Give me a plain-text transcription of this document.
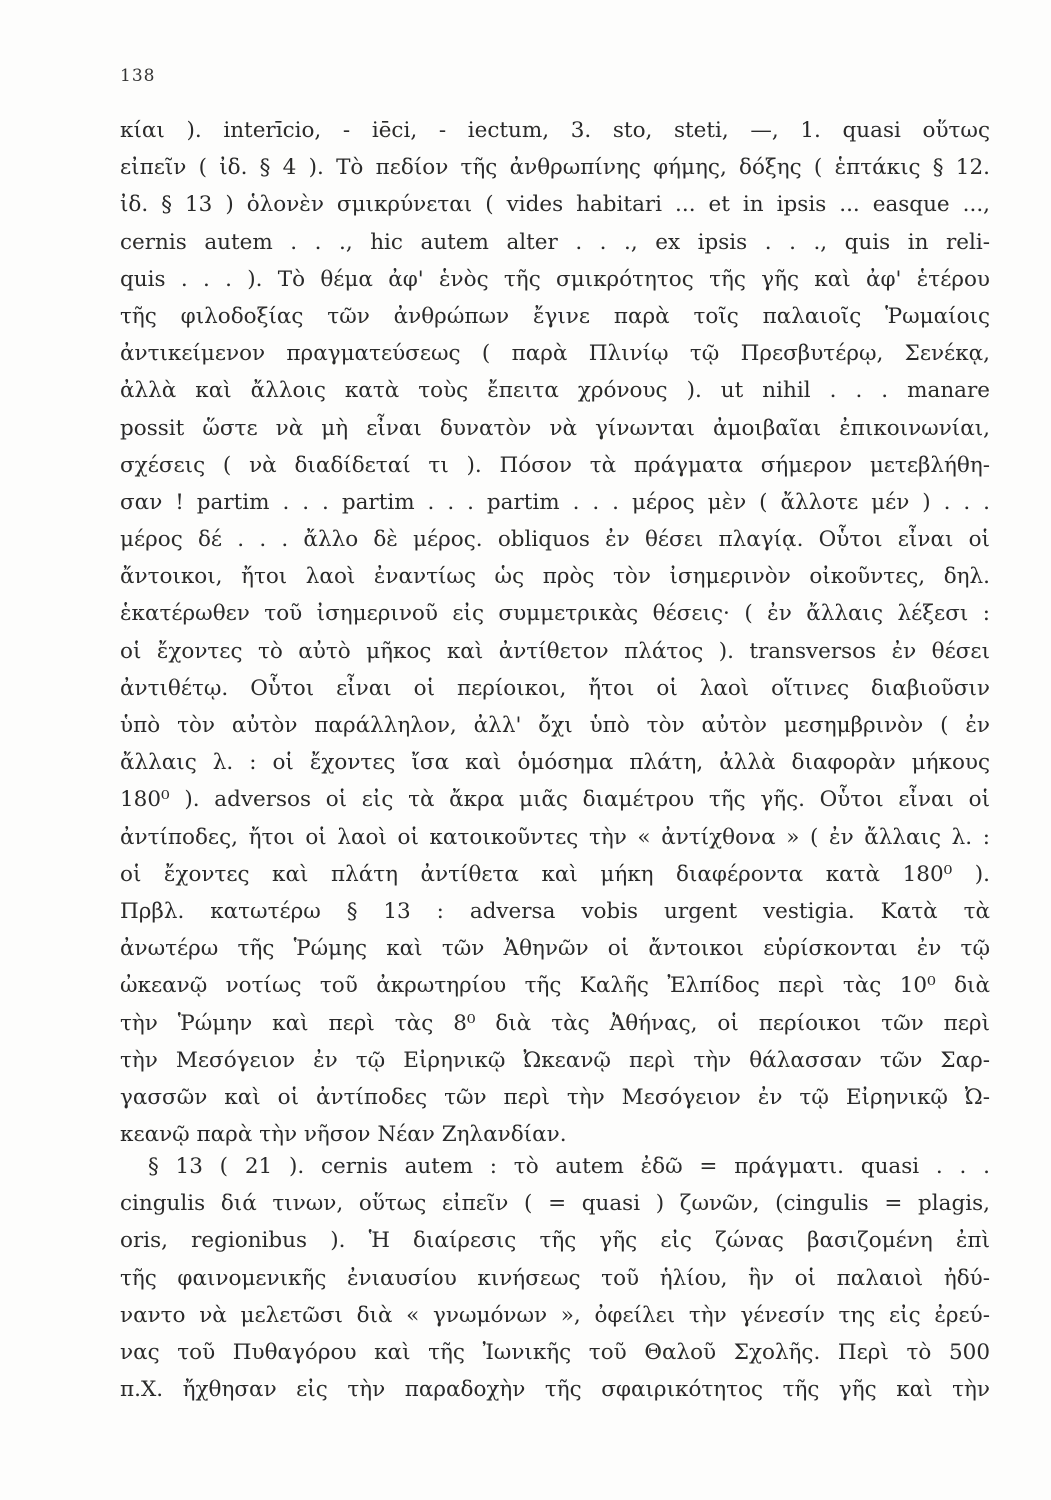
138
κίαι ). interīcio, - iēci, - iectum, 3. sto, steti, —, 1. quasi οὕτως
εἰπεῖν ( ἰδ. § 4 ). Τὸ πεδίον τῆς ἀνθρωπίνης φήμης, δόξης ( ἑπτάκις § 12.
ἰδ. § 13 ) ὁλονὲν σμικρύνεται ( vides habitari ... et in ipsis ... easque ...,
cernis autem . . ., hic autem alter . . ., ex ipsis . . ., quis in reli-
quis . . . ). Τὸ θέμα ἀφ' ἑνὸς τῆς σμικρότητος τῆς γῆς καὶ ἀφ' ἑτέρου
τῆς φιλοδοξίας τῶν ἀνθρώπων ἔγινε παρὰ τοῖς παλαιοῖς Ῥωμαίοις
ἀντικείμενον πραγματεύσεως ( παρὰ Πλινίῳ τῷ Πρεσβυτέρῳ, Σενέκᾳ,
ἀλλὰ καὶ ἄλλοις κατὰ τοὺς ἔπειτα χρόνους ). ut nihil . . . manare
possit ὥστε νὰ μὴ εἶναι δυνατὸν νὰ γίνωνται ἀμοιβαῖαι ἐπικοινωνίαι,
σχέσεις ( νὰ διαδίδεταί τι ). Πόσον τὰ πράγματα σήμερον μετεβλήθη-
σαν ! partim . . . partim . . . partim . . . μέρος μὲν ( ἄλλοτε μέν ) . . .
μέρος δέ . . . ἄλλο δὲ μέρος. obliquos ἐν θέσει πλαγίᾳ. Οὗτοι εἶναι οἱ
ἄντοικοι, ἤτοι λαοὶ ἐναντίως ὡς πρὸς τὸν ἰσημερινὸν οἰκοῦντες, δηλ.
ἑκατέρωθεν τοῦ ἰσημερινοῦ εἰς συμμετρικὰς θέσεις· ( ἐν ἄλλαις λέξεσι :
οἱ ἔχοντες τὸ αὐτὸ μῆκος καὶ ἀντίθετον πλάτος ). transversos ἐν θέσει
ἀντιθέτῳ. Οὗτοι εἶναι οἱ περίοικοι, ἤτοι οἱ λαοὶ οἵτινες διαβιοῦσιν
ὑπὸ τὸν αὐτὸν παράλληλον, ἀλλ' ὄχι ὑπὸ τὸν αὐτὸν μεσημβρινὸν ( ἐν
ἄλλαις λ. : οἱ ἔχοντες ἴσα καὶ ὁμόσημα πλάτη, ἀλλὰ διαφορὰν μήκους
180⁰ ). adversos οἱ εἰς τὰ ἄκρα μιᾶς διαμέτρου τῆς γῆς. Οὗτοι εἶναι οἱ
ἀντίποδες, ἤτοι οἱ λαοὶ οἱ κατοικοῦντες τὴν « ἀντίχθονα » ( ἐν ἄλλαις λ. :
οἱ ἔχοντες καὶ πλάτη ἀντίθετα καὶ μήκη διαφέροντα κατὰ 180⁰ ).
Πρβλ. κατωτέρω § 13 : adversa vobis urgent vestigia. Κατὰ τὰ
ἀνωτέρω τῆς Ῥώμης καὶ τῶν Ἀθηνῶν οἱ ἄντοικοι εὑρίσκονται ἐν τῷ
ὠκεανῷ νοτίως τοῦ ἀκρωτηρίου τῆς Καλῆς Ἐλπίδος περὶ τὰς 10⁰ διὰ
τὴν Ῥώμην καὶ περὶ τὰς 8⁰ διὰ τὰς Ἀθήνας, οἱ περίοικοι τῶν περὶ
τὴν Μεσόγειον ἐν τῷ Εἰρηνικῷ Ὠκεανῷ περὶ τὴν θάλασσαν τῶν Σαρ-
γασσῶν καὶ οἱ ἀντίποδες τῶν περὶ τὴν Μεσόγειον ἐν τῷ Εἰρηνικῷ Ὠ-
κεανῷ παρὰ τὴν νῆσον Νέαν Ζηλανδίαν.
§ 13 ( 21 ). cernis autem : τὸ autem ἐδῶ = πράγματι. quasi . . .
cingulis διά τινων, οὕτως εἰπεῖν ( = quasi ) ζωνῶν, (cingulis = plagis,
oris, regionibus ). Ἡ διαίρεσις τῆς γῆς εἰς ζώνας βασιζομένη ἐπὶ
τῆς φαινομενικῆς ἐνιαυσίου κινήσεως τοῦ ἡλίου, ἣν οἱ παλαιοὶ ἠδύ-
ναντο νὰ μελετῶσι διὰ « γνωμόνων », ὀφείλει τὴν γένεσίν της εἰς ἐρεύ-
νας τοῦ Πυθαγόρου καὶ τῆς Ἰωνικῆς τοῦ Θαλοῦ Σχολῆς. Περὶ τὸ 500
π.Χ. ἤχθησαν εἰς τὴν παραδοχὴν τῆς σφαιρικότητος τῆς γῆς καὶ τὴν
